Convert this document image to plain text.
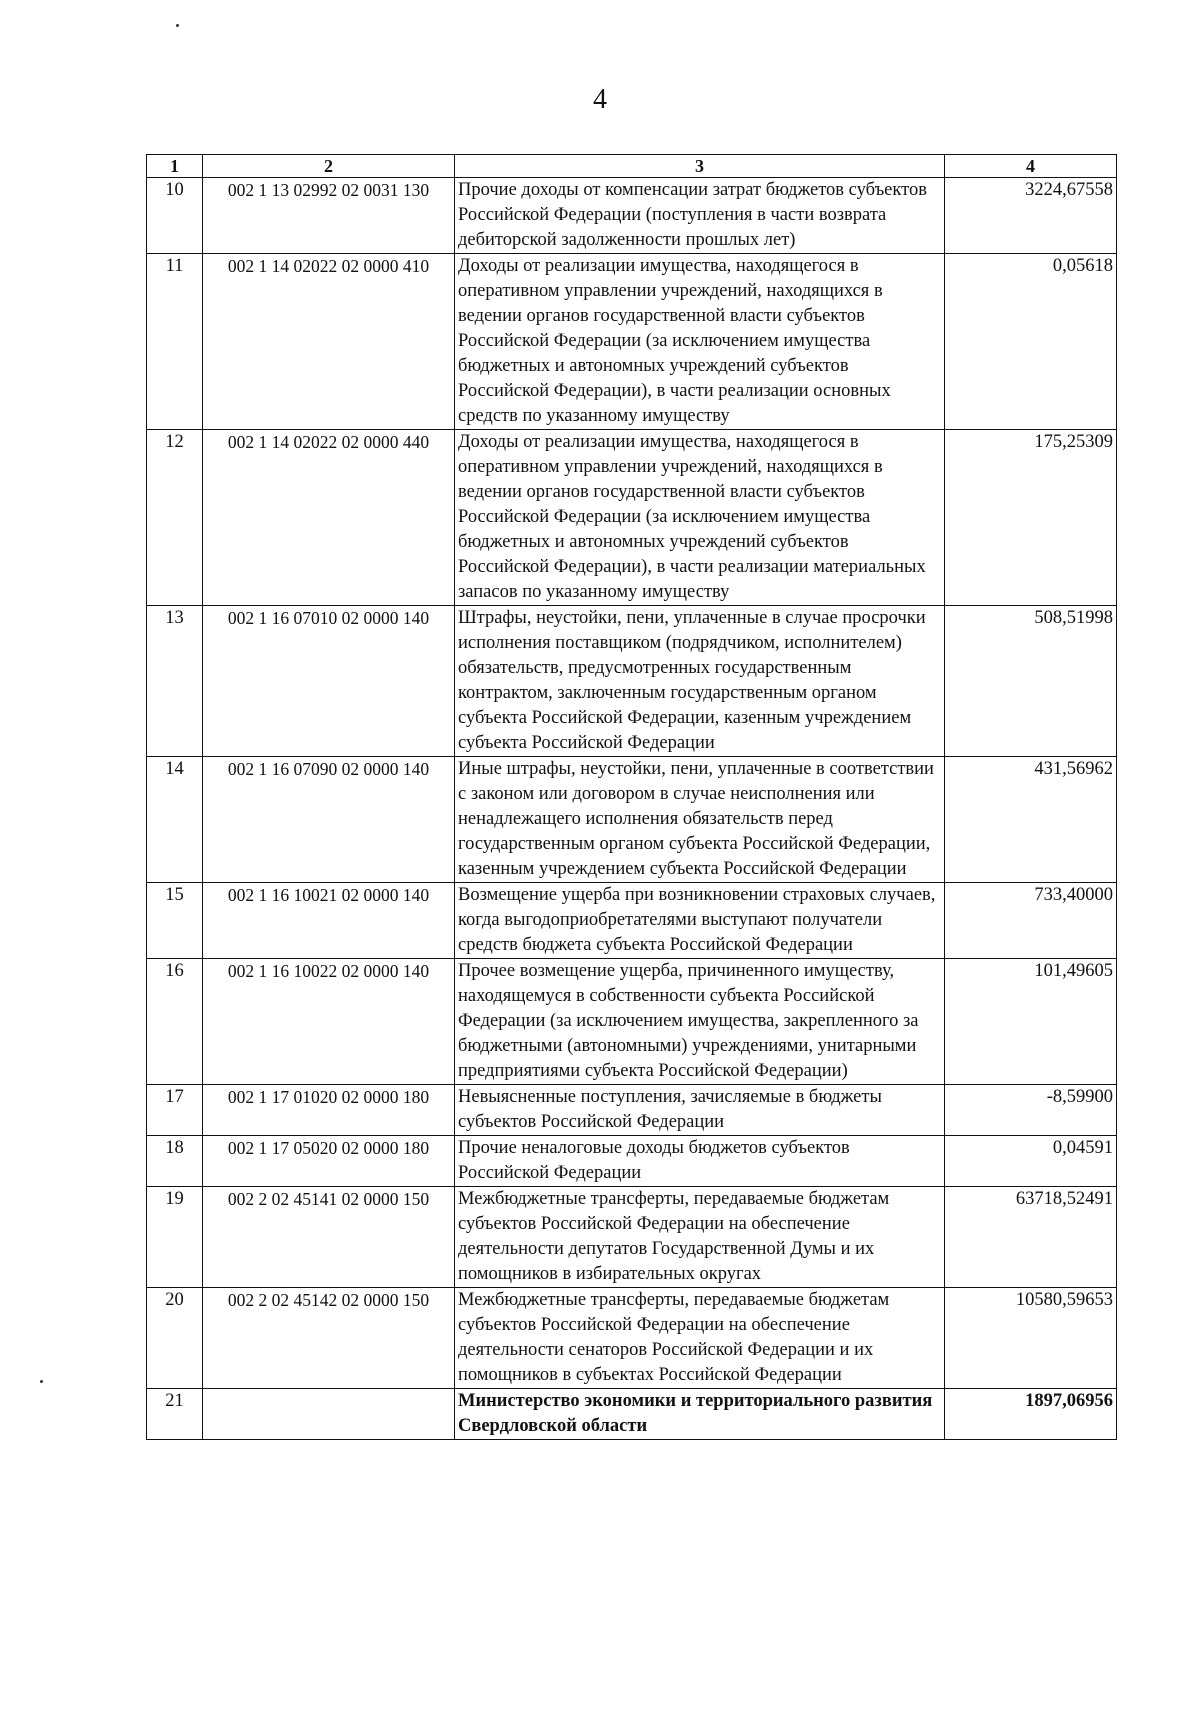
4
1	2	3	4
10	002 1 13 02992 02 0031 130	Прочие доходы от компенсации затрат бюджетов субъектов Российской Федерации (поступления в части возврата дебиторской задолженности прошлых лет)	3224,67558
11	002 1 14 02022 02 0000 410	Доходы от реализации имущества, находящегося в оперативном управлении учреждений, находящихся в ведении органов государственной власти субъектов Российской Федерации (за исключением имущества бюджетных и автономных учреждений субъектов Российской Федерации), в части реализации основных средств по указанному имуществу	0,05618
12	002 1 14 02022 02 0000 440	Доходы от реализации имущества, находящегося в оперативном управлении учреждений, находящихся в ведении органов государственной власти субъектов Российской Федерации (за исключением имущества бюджетных и автономных учреждений субъектов Российской Федерации), в части реализации материальных запасов по указанному имуществу	175,25309
13	002 1 16 07010 02 0000 140	Штрафы, неустойки, пени, уплаченные в случае просрочки исполнения поставщиком (подрядчиком, исполнителем) обязательств, предусмотренных государственным контрактом, заключенным государственным органом субъекта Российской Федерации, казенным учреждением субъекта Российской Федерации	508,51998
14	002 1 16 07090 02 0000 140	Иные штрафы, неустойки, пени, уплаченные в соответствии с законом или договором в случае неисполнения или ненадлежащего исполнения обязательств перед государственным органом субъекта Российской Федерации, казенным учреждением субъекта Российской Федерации	431,56962
15	002 1 16 10021 02 0000 140	Возмещение ущерба при возникновении страховых случаев, когда выгодоприобретателями выступают получатели средств бюджета субъекта Российской Федерации	733,40000
16	002 1 16 10022 02 0000 140	Прочее возмещение ущерба, причиненного имуществу, находящемуся в собственности субъекта Российской Федерации (за исключением имущества, закрепленного за бюджетными (автономными) учреждениями, унитарными предприятиями субъекта Российской Федерации)	101,49605
17	002 1 17 01020 02 0000 180	Невыясненные поступления, зачисляемые в бюджеты субъектов Российской Федерации	-8,59900
18	002 1 17 05020 02 0000 180	Прочие неналоговые доходы бюджетов субъектов Российской Федерации	0,04591
19	002 2 02 45141 02 0000 150	Межбюджетные трансферты, передаваемые бюджетам субъектов Российской Федерации на обеспечение деятельности депутатов Государственной Думы и их помощников в избирательных округах	63718,52491
20	002 2 02 45142 02 0000 150	Межбюджетные трансферты, передаваемые бюджетам субъектов Российской Федерации на обеспечение деятельности сенаторов Российской Федерации и их помощников в субъектах Российской Федерации	10580,59653
21		Министерство экономики и территориального развития Свердловской области	1897,06956
